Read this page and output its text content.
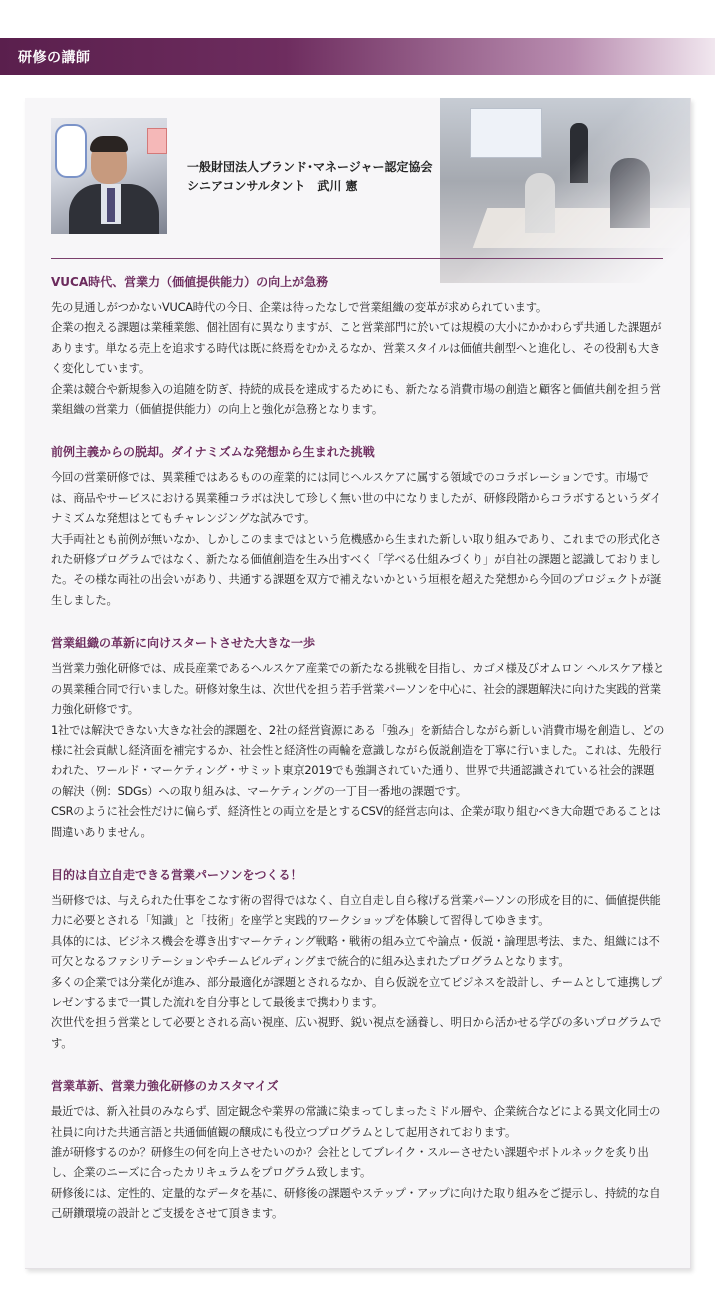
研修の講師
一般財団法人ブランド･マネージャー認定協会
シニアコンサルタント　武川 憲
VUCA時代、営業力（価値提供能力）の向上が急務

先の見通しがつかないVUCA時代の今日、企業は待ったなしで営業組織の変革が求められています。

企業の抱える課題は業種業態、個社固有に異なりますが、こと営業部門に於いては規模の大小にかかわらず共通した課題があります。単なる売上を追求する時代は既に終焉をむかえるなか、営業スタイルは価値共創型へと進化し、その役割も大きく変化しています。

企業は競合や新規参入の追随を防ぎ、持続的成長を達成するためにも、新たなる消費市場の創造と顧客と価値共創を担う営業組織の営業力（価値提供能力）の向上と強化が急務となります。

前例主義からの脱却。ダイナミズムな発想から生まれた挑戦

今回の営業研修では、異業種ではあるものの産業的には同じヘルスケアに属する領域でのコラボレーションです。市場では、商品やサービスにおける異業種コラボは決して珍しく無い世の中になりましたが、研修段階からコラボするというダイナミズムな発想はとてもチャレンジングな試みです。

大手両社とも前例が無いなか、しかしこのままではという危機感から生まれた新しい取り組みであり、これまでの形式化された研修プログラムではなく、新たなる価値創造を生み出すべく「学べる仕組みづくり」が自社の課題と認識しておりました。その様な両社の出会いがあり、共通する課題を双方で補えないかという垣根を超えた発想から今回のプロジェクトが誕生しました。

営業組織の革新に向けスタートさせた大きな一歩

当営業力強化研修では、成長産業であるヘルスケア産業での新たなる挑戦を目指し、カゴメ様及びオムロン ヘルスケア様との異業種合同で行いました。研修対象生は、次世代を担う若手営業パーソンを中心に、社会的課題解決に向けた実践的営業力強化研修です。

1社では解決できない大きな社会的課題を、2社の経営資源にある「強み」を新結合しながら新しい消費市場を創造し、どの様に社会貢献し経済面を補完するか、社会性と経済性の両輪を意識しながら仮説創造を丁寧に行いました。これは、先般行われた、ワールド・マーケティング・サミット東京2019でも強調されていた通り、世界で共通認識されている社会的課題の解決（例：SDGs）への取り組みは、マーケティングの一丁目一番地の課題です。

CSRのように社会性だけに偏らず、経済性との両立を是とするCSV的経営志向は、企業が取り組むべき大命題であることは間違いありません。

目的は自立自走できる営業パーソンをつくる！

当研修では、与えられた仕事をこなす術の習得ではなく、自立自走し自ら稼げる営業パーソンの形成を目的に、価値提供能力に必要とされる「知識」と「技術」を座学と実践的ワークショップを体験して習得してゆきます。

具体的には、ビジネス機会を導き出すマーケティング戦略・戦術の組み立てや論点・仮説・論理思考法、また、組織には不可欠となるファシリテーションやチームビルディングまで統合的に組み込まれたプログラムとなります。

多くの企業では分業化が進み、部分最適化が課題とされるなか、自ら仮説を立てビジネスを設計し、チームとして連携しプレゼンするまで一貫した流れを自分事として最後まで携わります。

次世代を担う営業として必要とされる高い視座、広い視野、鋭い視点を涵養し、明日から活かせる学びの多いプログラムです。

営業革新、営業力強化研修のカスタマイズ

最近では、新入社員のみならず、固定観念や業界の常識に染まってしまったミドル層や、企業統合などによる異文化同士の社員に向けた共通言語と共通価値観の醸成にも役立つプログラムとして起用されております。

誰が研修するのか？研修生の何を向上させたいのか？会社としてブレイク・スルーさせたい課題やボトルネックを炙り出し、企業のニーズに合ったカリキュラムをプログラム致します。

研修後には、定性的、定量的なデータを基に、研修後の課題やステップ・アップに向けた取り組みをご提示し、持続的な自己研鑽環境の設計とご支援をさせて頂きます。
